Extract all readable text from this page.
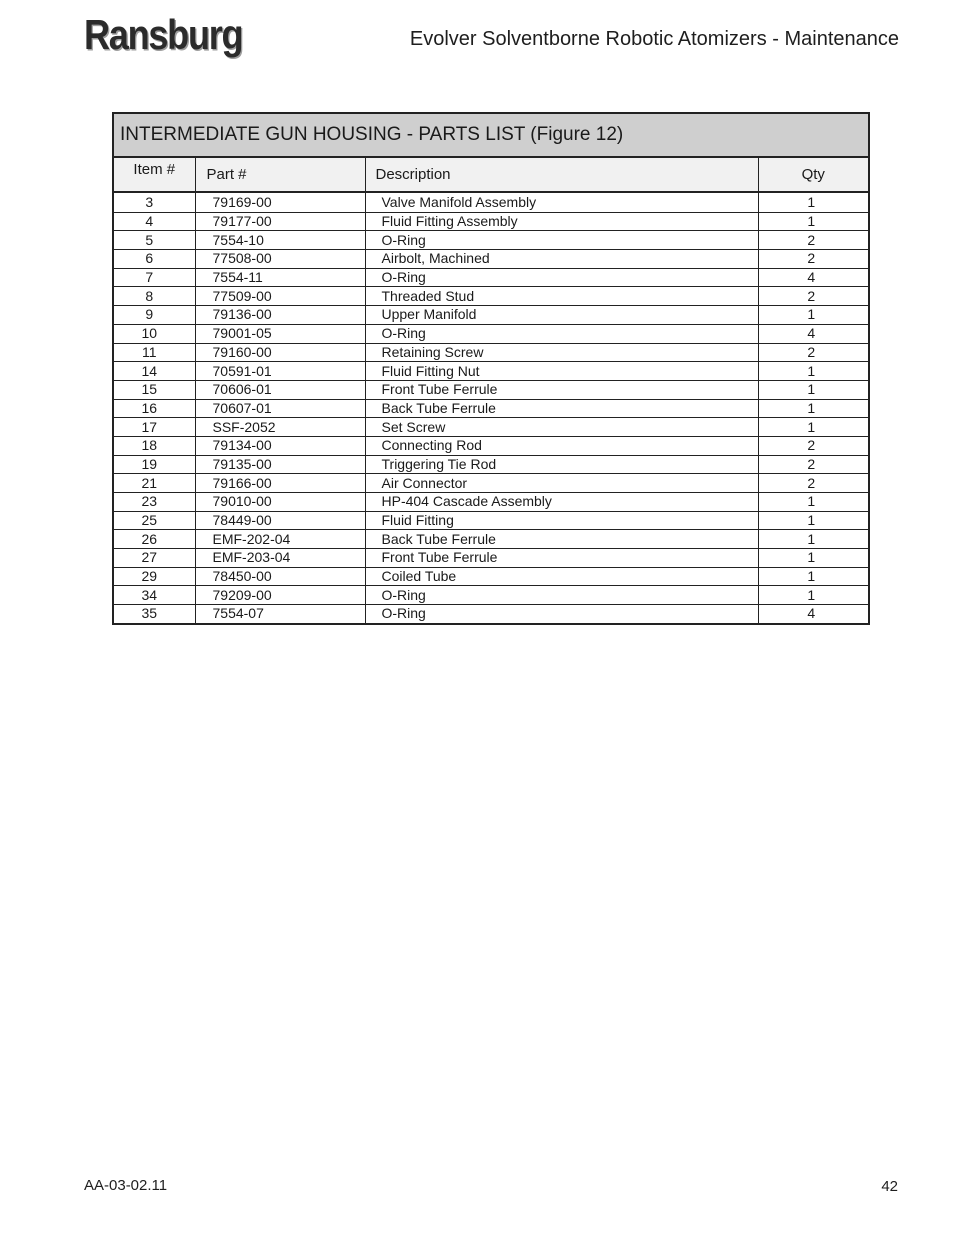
Ransburg	Evolver Solventborne Robotic Atomizers - Maintenance
INTERMEDIATE GUN HOUSING - PARTS LIST (Figure 12)			
Item #	Part #	Description	Qty
3	79169-00	Valve Manifold Assembly	1
4	79177-00	Fluid Fitting Assembly	1
5	7554-10	O-Ring	2
6	77508-00	Airbolt, Machined	2
7	7554-11	O-Ring	4
8	77509-00	Threaded Stud	2
9	79136-00	Upper Manifold	1
10	79001-05	O-Ring	4
11	79160-00	Retaining Screw	2
14	70591-01	Fluid Fitting Nut	1
15	70606-01	Front Tube Ferrule	1
16	70607-01	Back Tube Ferrule	1
17	SSF-2052	Set Screw	1
18	79134-00	Connecting Rod	2
19	79135-00	Triggering Tie Rod	2
21	79166-00	Air Connector	2
23	79010-00	HP-404 Cascade Assembly	1
25	78449-00	Fluid Fitting	1
26	EMF-202-04	Back Tube Ferrule	1
27	EMF-203-04	Front Tube Ferrule	1
29	78450-00	Coiled Tube	1
34	79209-00	O-Ring	1
35	7554-07	O-Ring	4
AA-03-02.11	42
